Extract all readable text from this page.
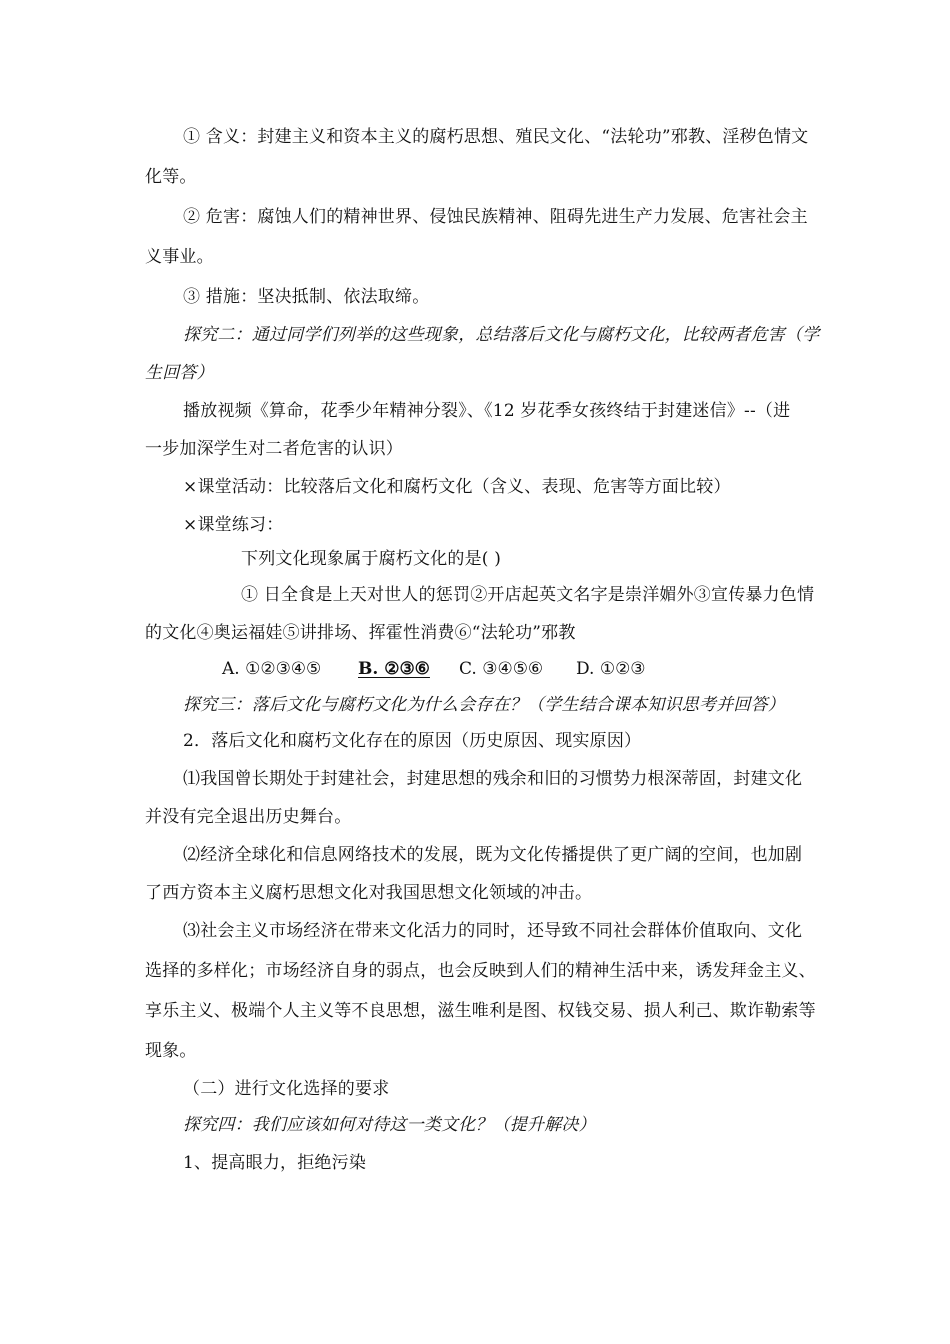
① 含义：封建主义和资本主义的腐朽思想、殖民文化、“法轮功”邪教、淫秽色情文
化等。
② 危害：腐蚀人们的精神世界、侵蚀民族精神、阻碍先进生产力发展、危害社会主
义事业。
③ 措施：坚决抵制、依法取缔。
探究二：通过同学们列举的这些现象，总结落后文化与腐朽文化，比较两者危害（学
生回答）
播放视频《算命，花季少年精神分裂》、《12 岁花季女孩终结于封建迷信》--（进
一步加深学生对二者危害的认识）
×课堂活动：比较落后文化和腐朽文化（含义、表现、危害等方面比较）
×课堂练习：
下列文化现象属于腐朽文化的是( )
① 日全食是上天对世人的惩罚②开店起英文名字是崇洋媚外③宣传暴力色情
的文化④奥运福娃⑤讲排场、挥霍性消费⑥“法轮功”邪教
A. ①②③④⑤ B. ②③⑥ C. ③④⑤⑥ D. ①②③
探究三：落后文化与腐朽文化为什么会存在？（学生结合课本知识思考并回答）
2．落后文化和腐朽文化存在的原因（历史原因、现实原因）
⑴我国曾长期处于封建社会，封建思想的残余和旧的习惯势力根深蒂固，封建文化
并没有完全退出历史舞台。
⑵经济全球化和信息网络技术的发展，既为文化传播提供了更广阔的空间，也加剧
了西方资本主义腐朽思想文化对我国思想文化领域的冲击。
⑶社会主义市场经济在带来文化活力的同时，还导致不同社会群体价值取向、文化
选择的多样化；市场经济自身的弱点，也会反映到人们的精神生活中来，诱发拜金主义、
享乐主义、极端个人主义等不良思想，滋生唯利是图、权钱交易、损人利己、欺诈勒索等
现象。
（二）进行文化选择的要求
探究四：我们应该如何对待这一类文化？（提升解决）
1、提高眼力，拒绝污染
